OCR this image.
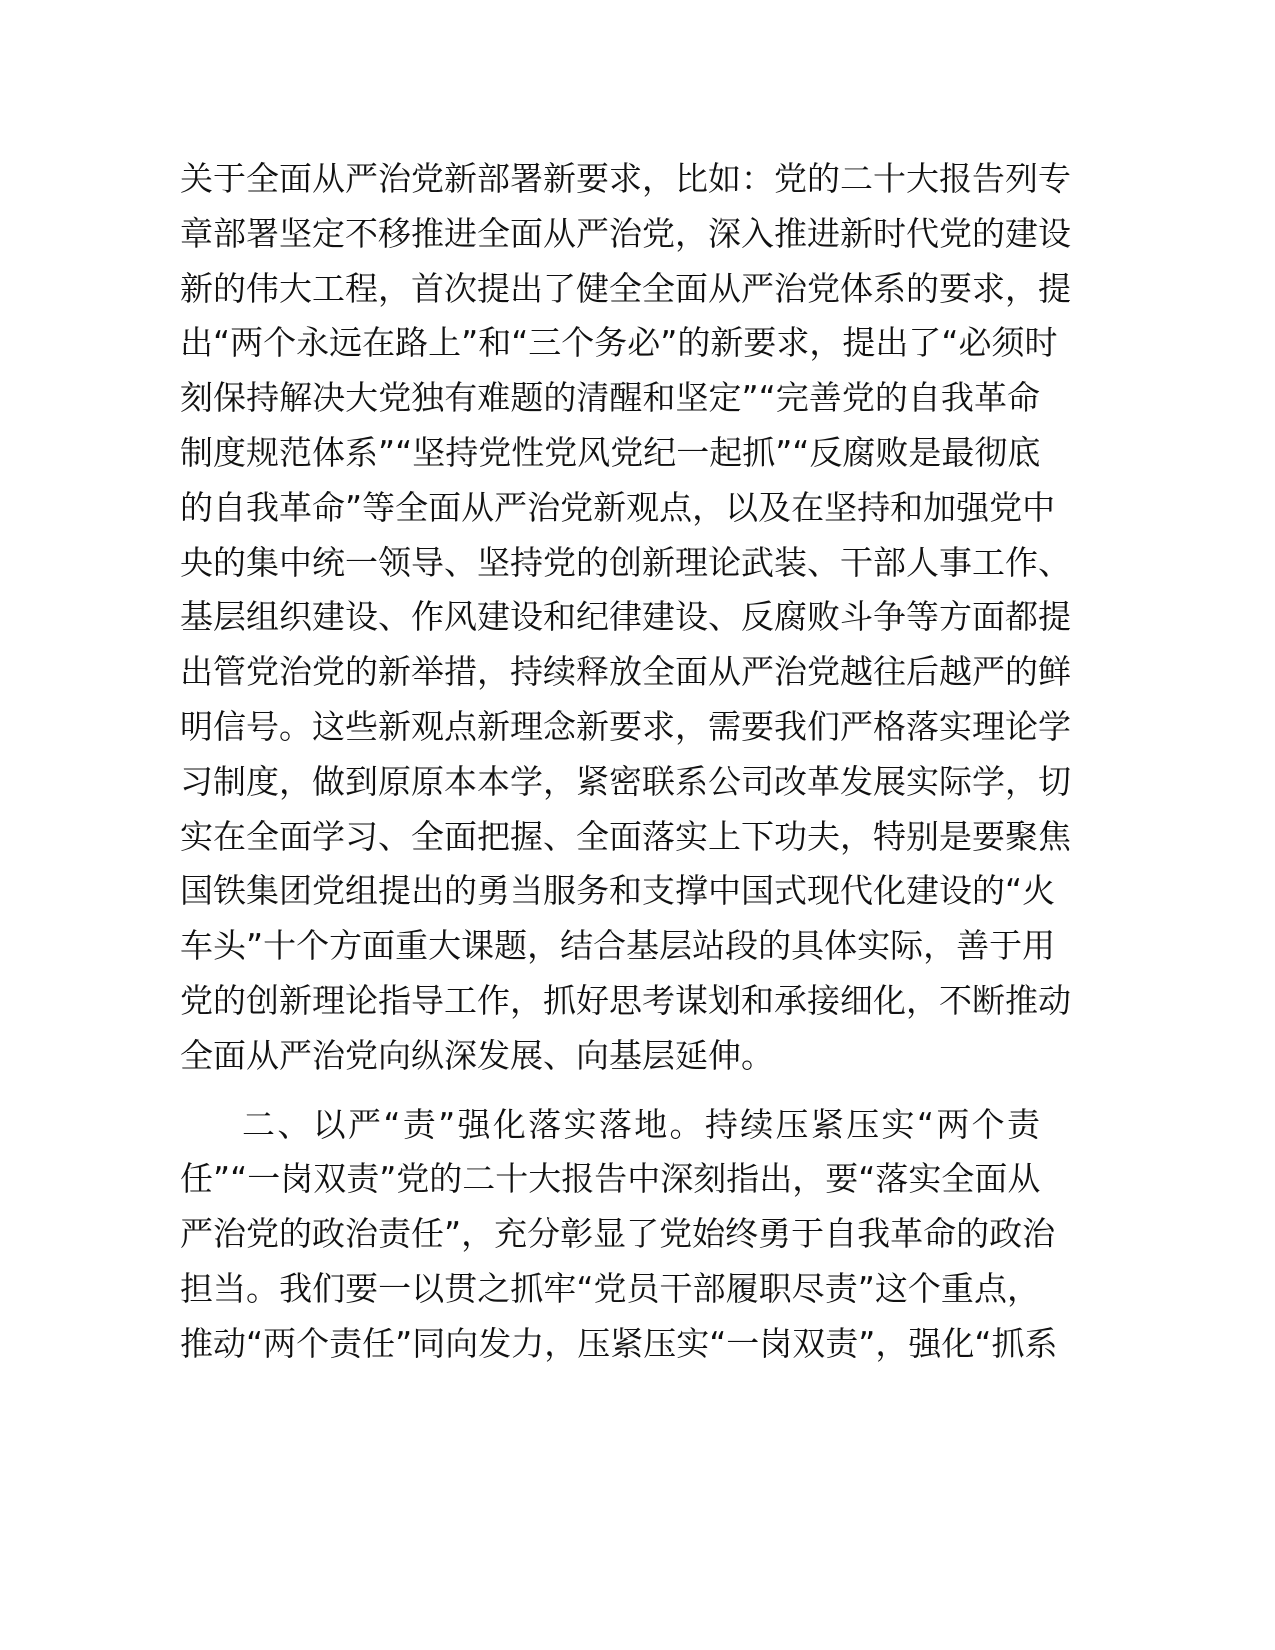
关于全面从严治党新部署新要求，比如：党的二十大报告列专
章部署坚定不移推进全面从严治党，深入推进新时代党的建设
新的伟大工程，首次提出了健全全面从严治党体系的要求，提
出“两个永远在路上”和“三个务必”的新要求，提出了“必须时
刻保持解决大党独有难题的清醒和坚定”“完善党的自我革命
制度规范体系”“坚持党性党风党纪一起抓”“反腐败是最彻底
的自我革命”等全面从严治党新观点，以及在坚持和加强党中
央的集中统一领导、坚持党的创新理论武装、干部人事工作、
基层组织建设、作风建设和纪律建设、反腐败斗争等方面都提
出管党治党的新举措，持续释放全面从严治党越往后越严的鲜
明信号。这些新观点新理念新要求，需要我们严格落实理论学
习制度，做到原原本本学，紧密联系公司改革发展实际学，切
实在全面学习、全面把握、全面落实上下功夫，特别是要聚焦
国铁集团党组提出的勇当服务和支撑中国式现代化建设的“火
车头”十个方面重大课题，结合基层站段的具体实际，善于用
党的创新理论指导工作，抓好思考谋划和承接细化，不断推动
全面从严治党向纵深发展、向基层延伸。
二、以严“责”强化落实落地。持续压紧压实“两个责
任”“一岗双责”党的二十大报告中深刻指出，要“落实全面从
严治党的政治责任”，充分彰显了党始终勇于自我革命的政治
担当。我们要一以贯之抓牢“党员干部履职尽责”这个重点，
推动“两个责任”同向发力，压紧压实“一岗双责”，强化“抓系
